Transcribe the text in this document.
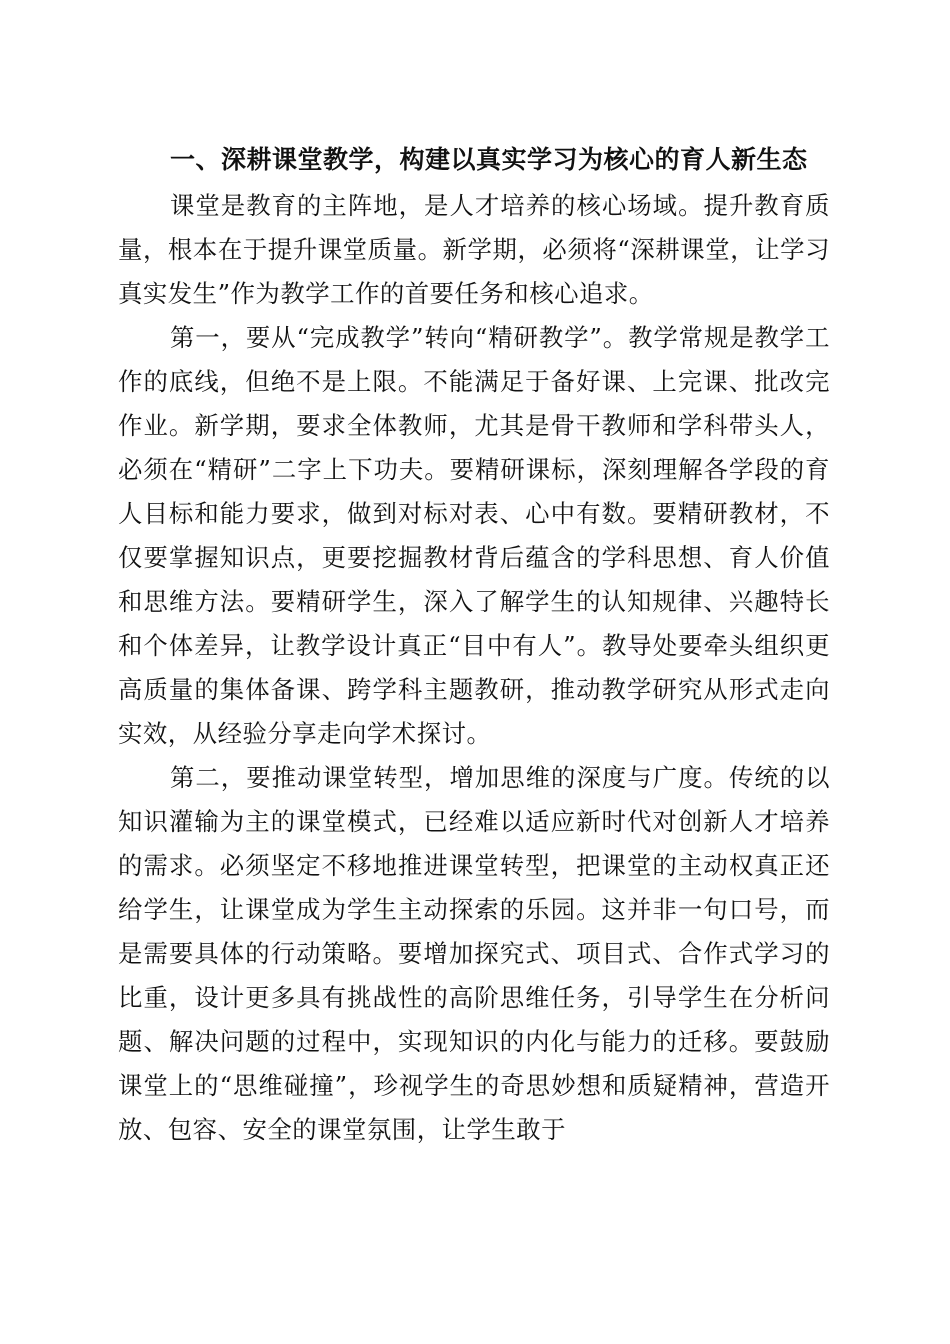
一、深耕课堂教学，构建以真实学习为核心的育人新生态

课堂是教育的主阵地，是人才培养的核心场域。提升教育质量，根本在于提升课堂质量。新学期，必须将“深耕课堂，让学习真实发生”作为教学工作的首要任务和核心追求。

第一，要从“完成教学”转向“精研教学”。教学常规是教学工作的底线，但绝不是上限。不能满足于备好课、上完课、批改完作业。新学期，要求全体教师，尤其是骨干教师和学科带头人，必须在“精研”二字上下功夫。要精研课标，深刻理解各学段的育人目标和能力要求，做到对标对表、心中有数。要精研教材，不仅要掌握知识点，更要挖掘教材背后蕴含的学科思想、育人价值和思维方法。要精研学生，深入了解学生的认知规律、兴趣特长和个体差异，让教学设计真正“目中有人”。教导处要牵头组织更高质量的集体备课、跨学科主题教研，推动教学研究从形式走向实效，从经验分享走向学术探讨。

第二，要推动课堂转型，增加思维的深度与广度。传统的以知识灌输为主的课堂模式，已经难以适应新时代对创新人才培养的需求。必须坚定不移地推进课堂转型，把课堂的主动权真正还给学生，让课堂成为学生主动探索的乐园。这并非一句口号，而是需要具体的行动策略。要增加探究式、项目式、合作式学习的比重，设计更多具有挑战性的高阶思维任务，引导学生在分析问题、解决问题的过程中，实现知识的内化与能力的迁移。要鼓励课堂上的“思维碰撞”，珍视学生的奇思妙想和质疑精神，营造开放、包容、安全的课堂氛围，让学生敢于
